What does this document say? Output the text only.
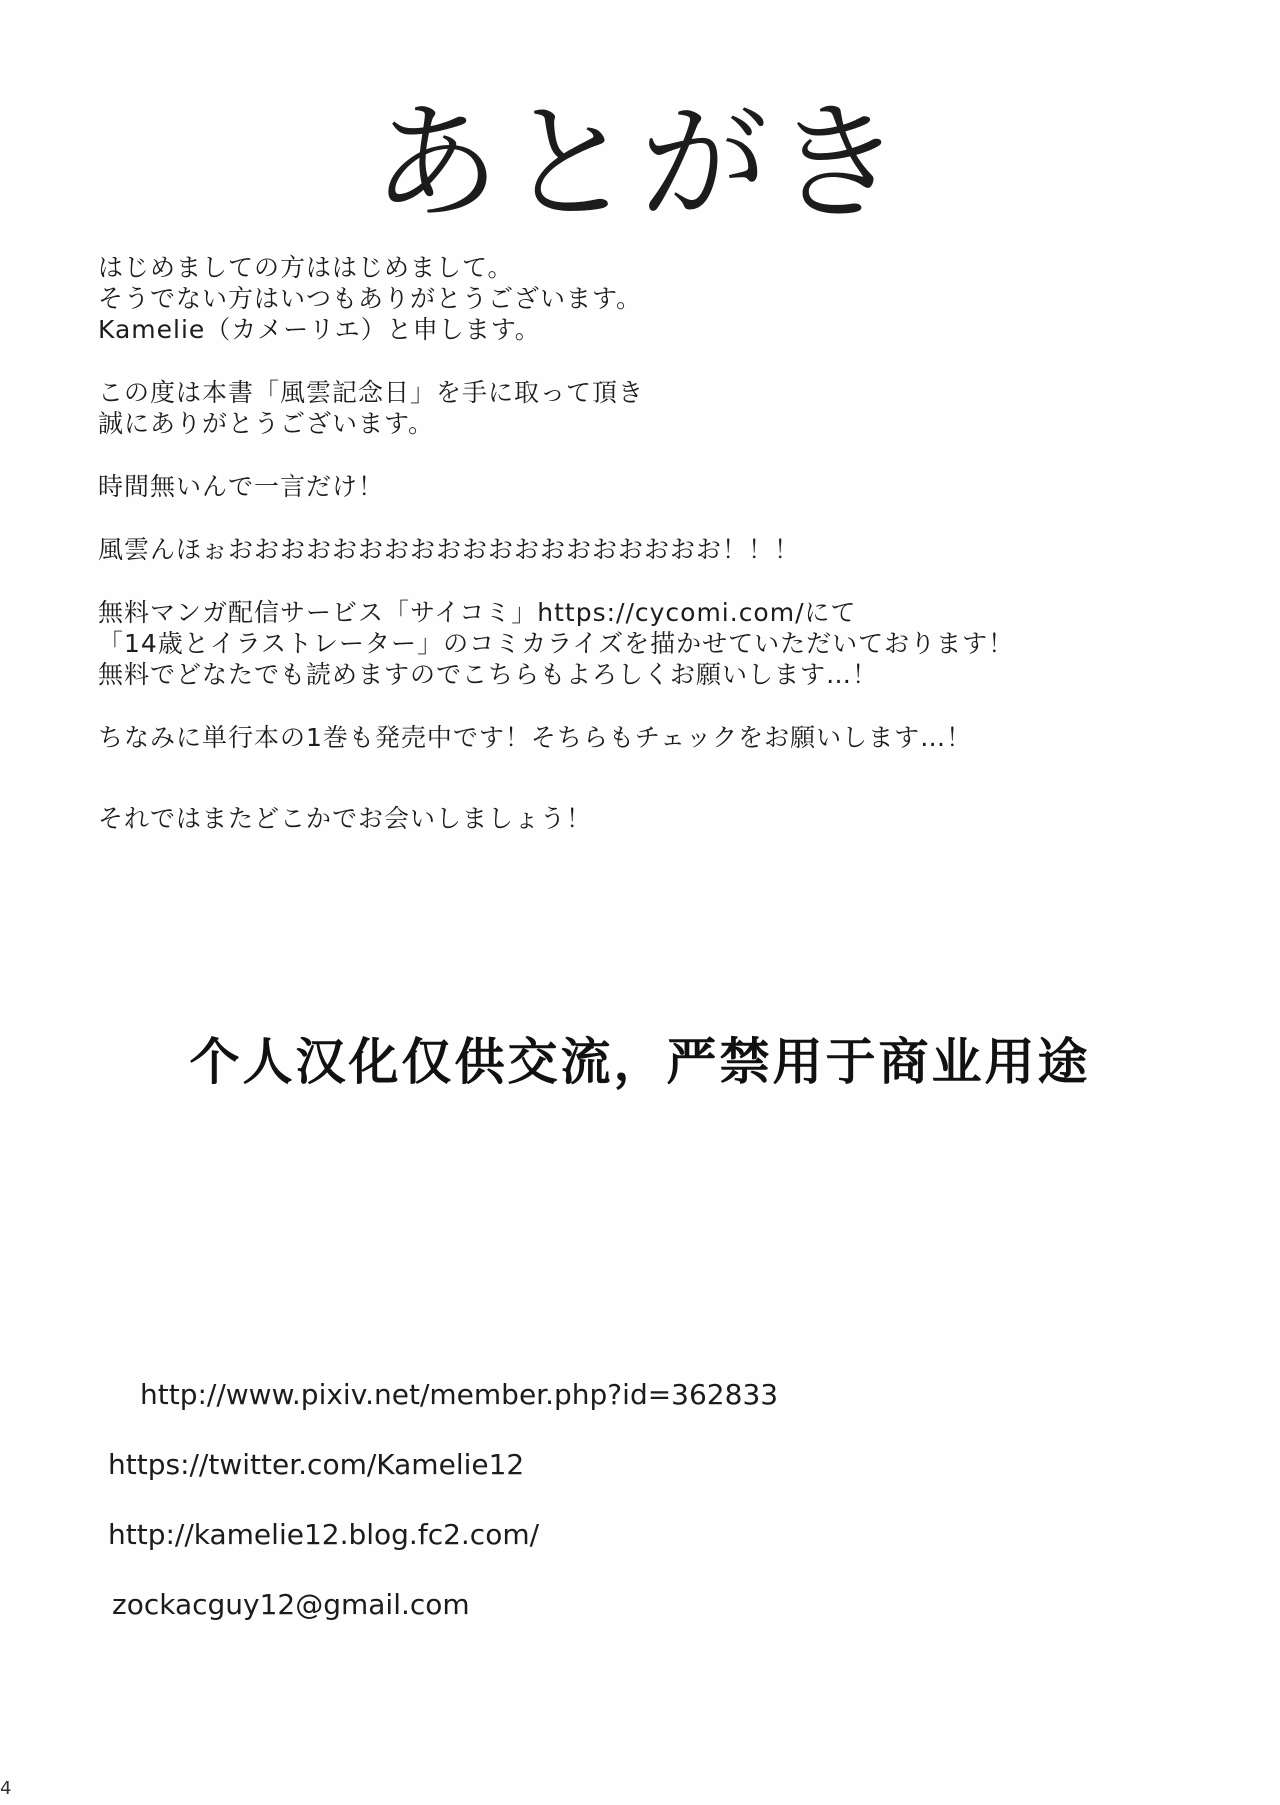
あとがき
はじめましての方ははじめまして。
そうでない方はいつもありがとうございます。
Kamelie（カメーリエ）と申します。
この度は本書「風雲記念日」を手に取って頂き
誠にありがとうございます。
時間無いんで一言だけ！
風雲んほぉおおおおおおおおおおおおおおおおおおお！！！
無料マンガ配信サービス「サイコミ」https://cycomi.com/にて
「14歳とイラストレーター」のコミカライズを描かせていただいております！
無料でどなたでも読めますのでこちらもよろしくお願いします…！
ちなみに単行本の1巻も発売中です！そちらもチェックをお願いします…！
それではまたどこかでお会いしましょう！
个人汉化仅供交流，严禁用于商业用途
http://www.pixiv.net/member.php?id=362833
https://twitter.com/Kamelie12
http://kamelie12.blog.fc2.com/
zockacguy12@gmail.com
4
